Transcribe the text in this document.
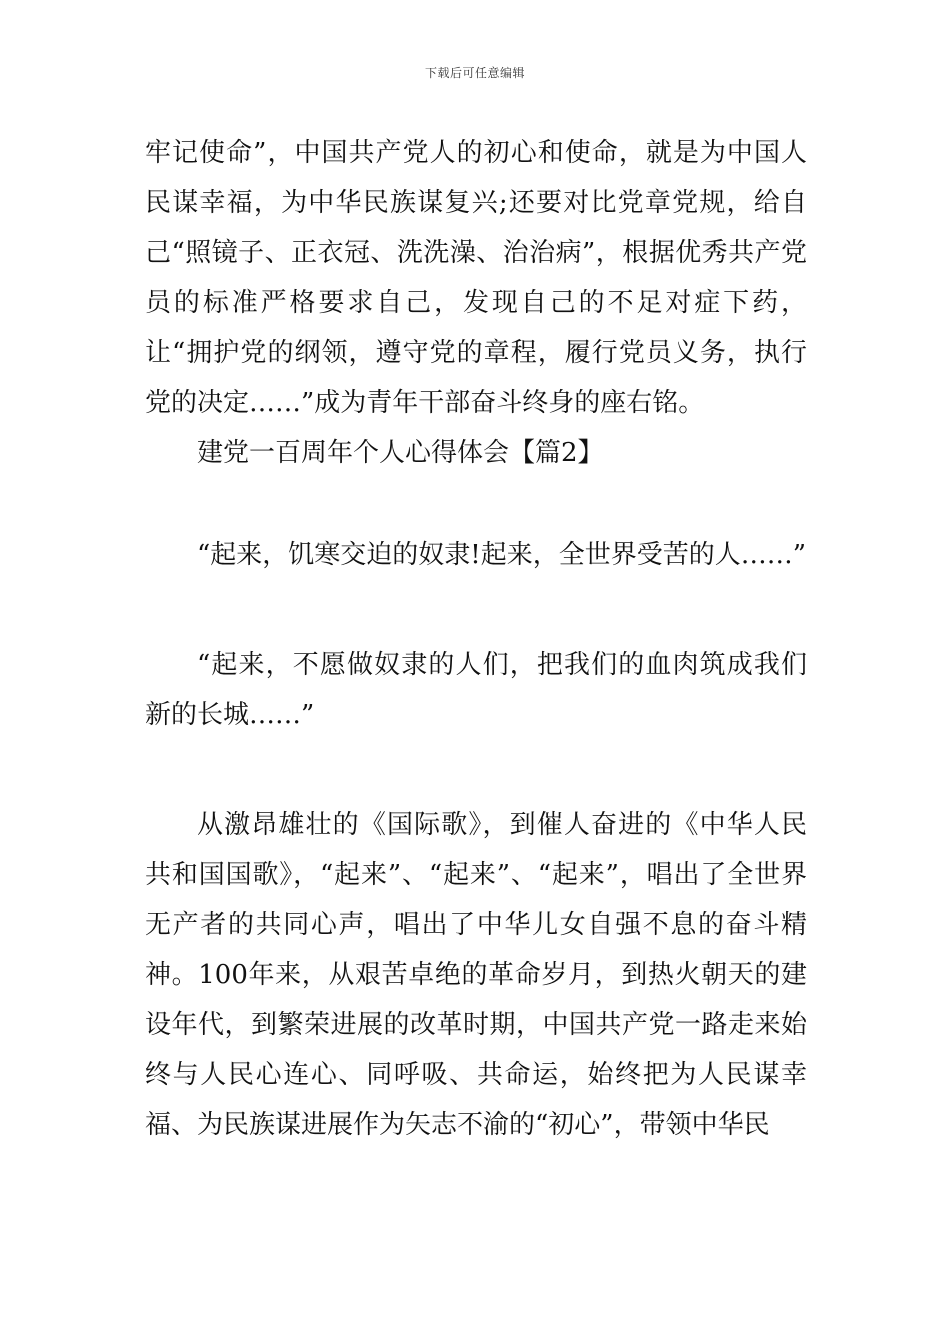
下载后可任意编辑

牢记使命”，中国共产党人的初心和使命，就是为中国人民谋幸福，为中华民族谋复兴;还要对比党章党规，给自己“照镜子、正衣冠、洗洗澡、治治病”，根据优秀共产党员的标准严格要求自己，发现自己的不足对症下药，让“拥护党的纲领，遵守党的章程，履行党员义务，执行党的决定……”成为青年干部奋斗终身的座右铭。

建党一百周年个人心得体会【篇2】

“起来，饥寒交迫的奴隶!起来，全世界受苦的人……”

“起来，不愿做奴隶的人们，把我们的血肉筑成我们新的长城……”

从激昂雄壮的《国际歌》，到催人奋进的《中华人民共和国国歌》，“起来”、“起来”、“起来”，唱出了全世界无产者的共同心声，唱出了中华儿女自强不息的奋斗精神。100年来，从艰苦卓绝的革命岁月，到热火朝天的建设年代，到繁荣进展的改革时期，中国共产党一路走来始终与人民心连心、同呼吸、共命运，始终把为人民谋幸福、为民族谋进展作为矢志不渝的“初心”，带领中华民
